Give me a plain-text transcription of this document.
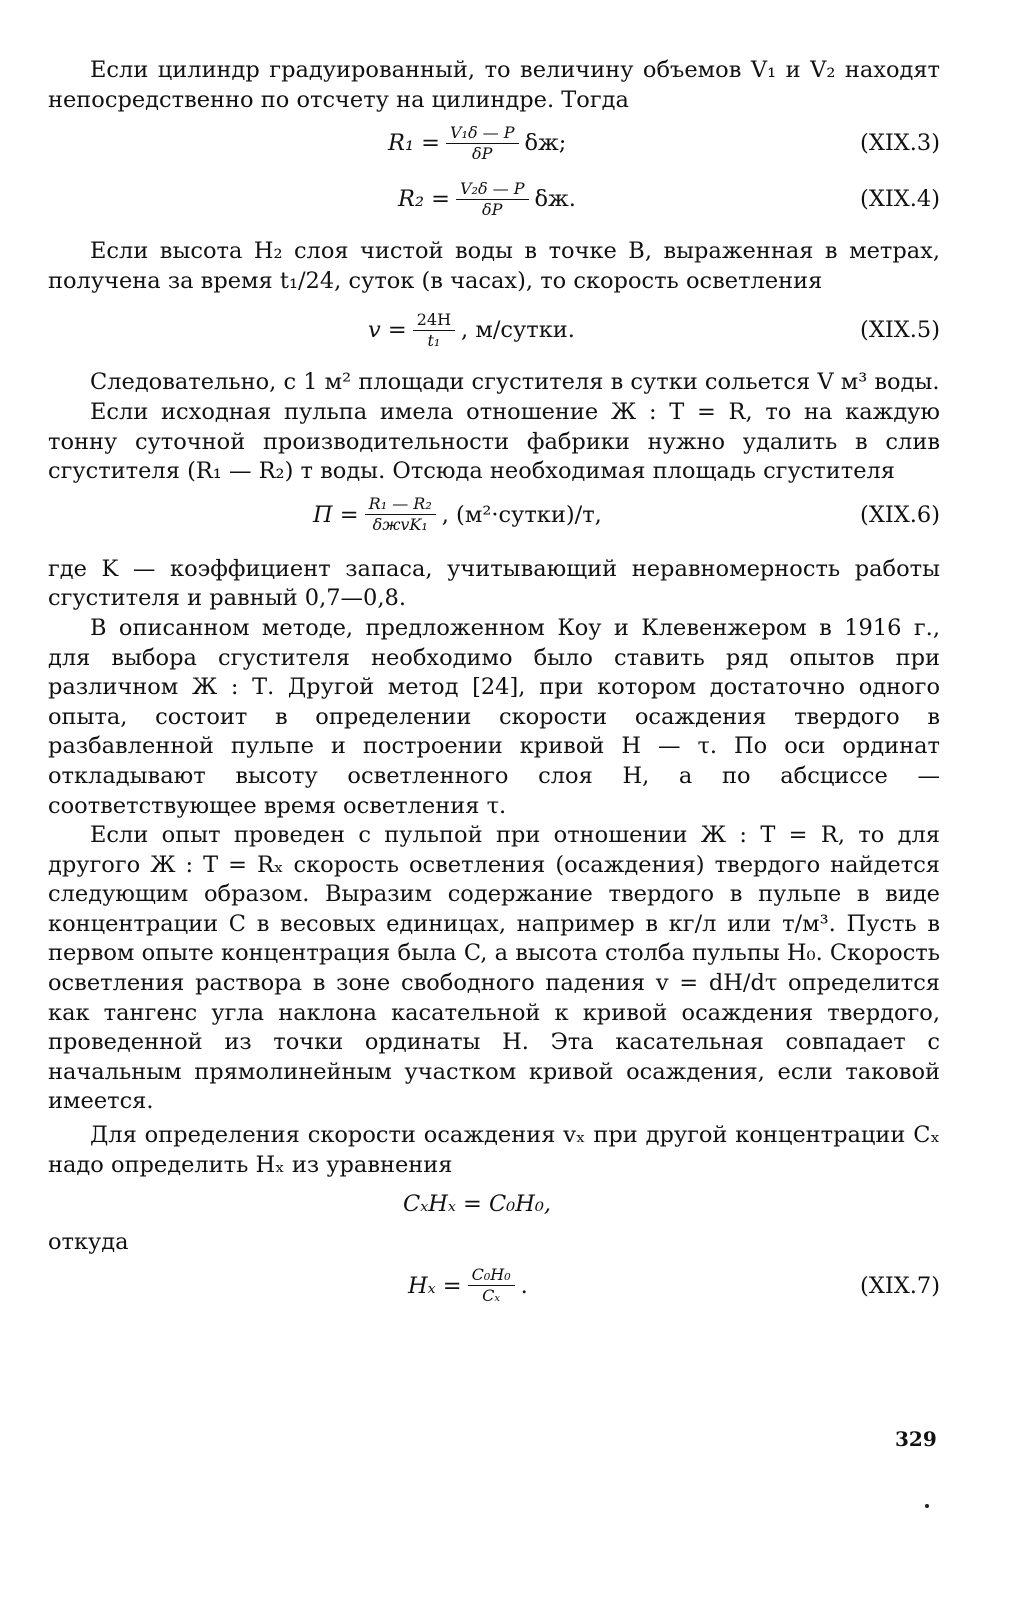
Если цилиндр градуированный, то величину объемов V₁ и V₂ находят непосредственно по отсчету на цилиндре. Тогда

$R_1 = \frac{\text{V₁δ — P}}{\delta P} \delta ж$;	(XIX.3)
$R_2 = \frac{\text{V₂δ — P}}{\delta P} \delta ж$.	(XIX.4)

Если высота H₂ слоя чистой воды в точке B, выраженная в метрах, получена за время t₁/24, суток (в часах), то скорость осветления

$v = \frac{24H}{\text{t₁}}$ , м/сутки.	(XIX.5)

Следовательно, с 1 м² площади сгустителя в сутки сольется V м³ воды.

Если исходная пульпа имела отношение Ж : Т = R, то на каждую тонну суточной производительности фабрики нужно удалить в слив сгустителя (R₁ — R₂) т воды. Отсюда необходимая площадь сгустителя

$П = \frac{\text{R₁ — R₂}}{\text{δжvK₁}}$ , (м²·сутки)/т,	(XIX.6)

где K — коэффициент запаса, учитывающий неравномерность работы сгустителя и равный 0,7—0,8.

В описанном методе, предложенном Коу и Клевенжером в 1916 г., для выбора сгустителя необходимо было ставить ряд опытов при различном Ж : Т. Другой метод [24], при котором достаточно одного опыта, состоит в определении скорости осаждения твердого в разбавленной пульпе и построении кривой H — τ. По оси ординат откладывают высоту осветленного слоя H, а по абсциссе — соответствующее время осветления τ.

Если опыт проведен с пульпой при отношении Ж : Т = R, то для другого Ж : Т = Rₓ скорость осветления (осаждения) твердого найдется следующим образом. Выразим содержание твердого в пульпе в виде концентрации C в весовых единицах, например в кг/л или т/м³. Пусть в первом опыте концентрация была C, а высота столба пульпы H₀. Скорость осветления раствора в зоне свободного падения v = dH/dτ определится как тангенс угла наклона касательной к кривой осаждения твердого, проведенной из точки ординаты H. Эта касательная совпадает с начальным прямолинейным участком кривой осаждения, если таковой имеется.

Для определения скорости осаждения vₓ при другой концентрации Cₓ надо определить Hₓ из уравнения

CₓHₓ = C₀H₀,

откуда

$H_x = \frac{\text{C₀H₀}}{\text{Cₓ}}$ .	(XIX.7)
329
